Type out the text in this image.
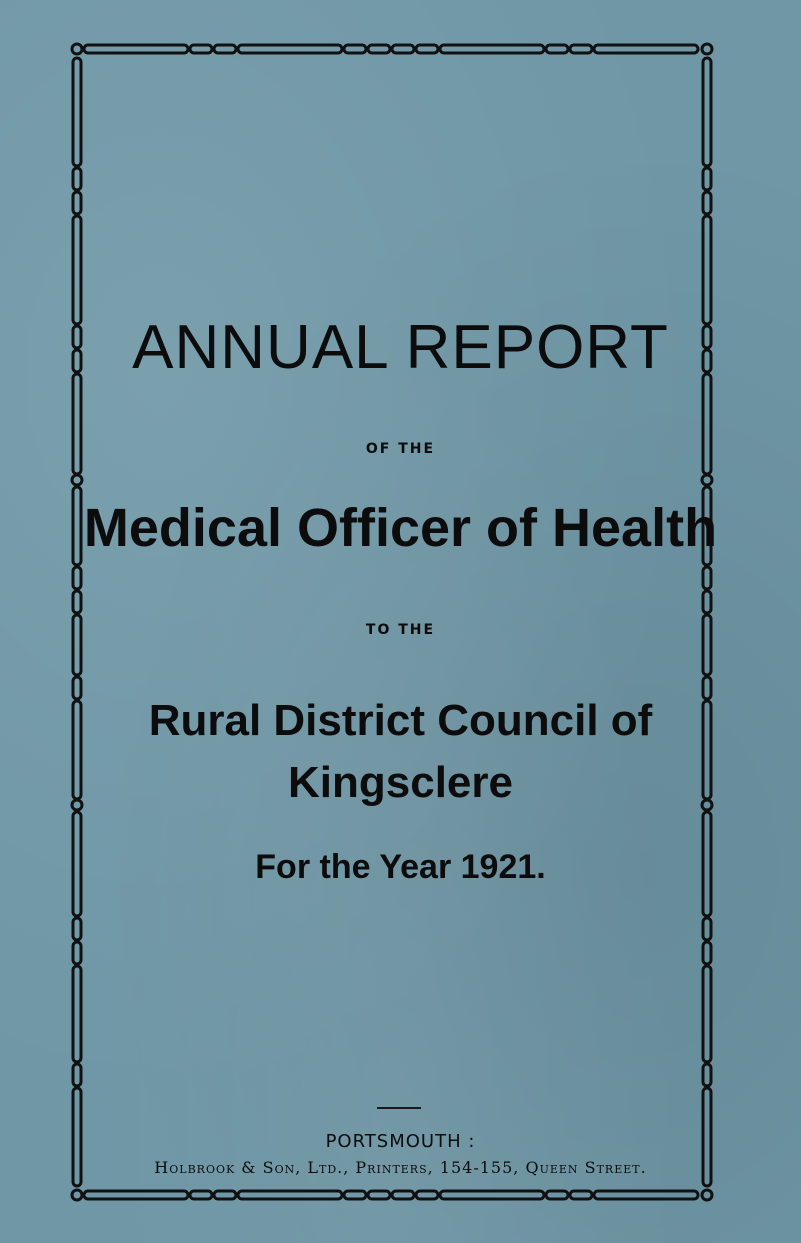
ANNUAL REPORT

OF THE

Medical Officer of Health

TO THE

Rural District Council of
Kingsclere
For the Year 1921.

PORTSMOUTH :

Holbrook & Son, Ltd., Printers, 154-155, Queen Street.
